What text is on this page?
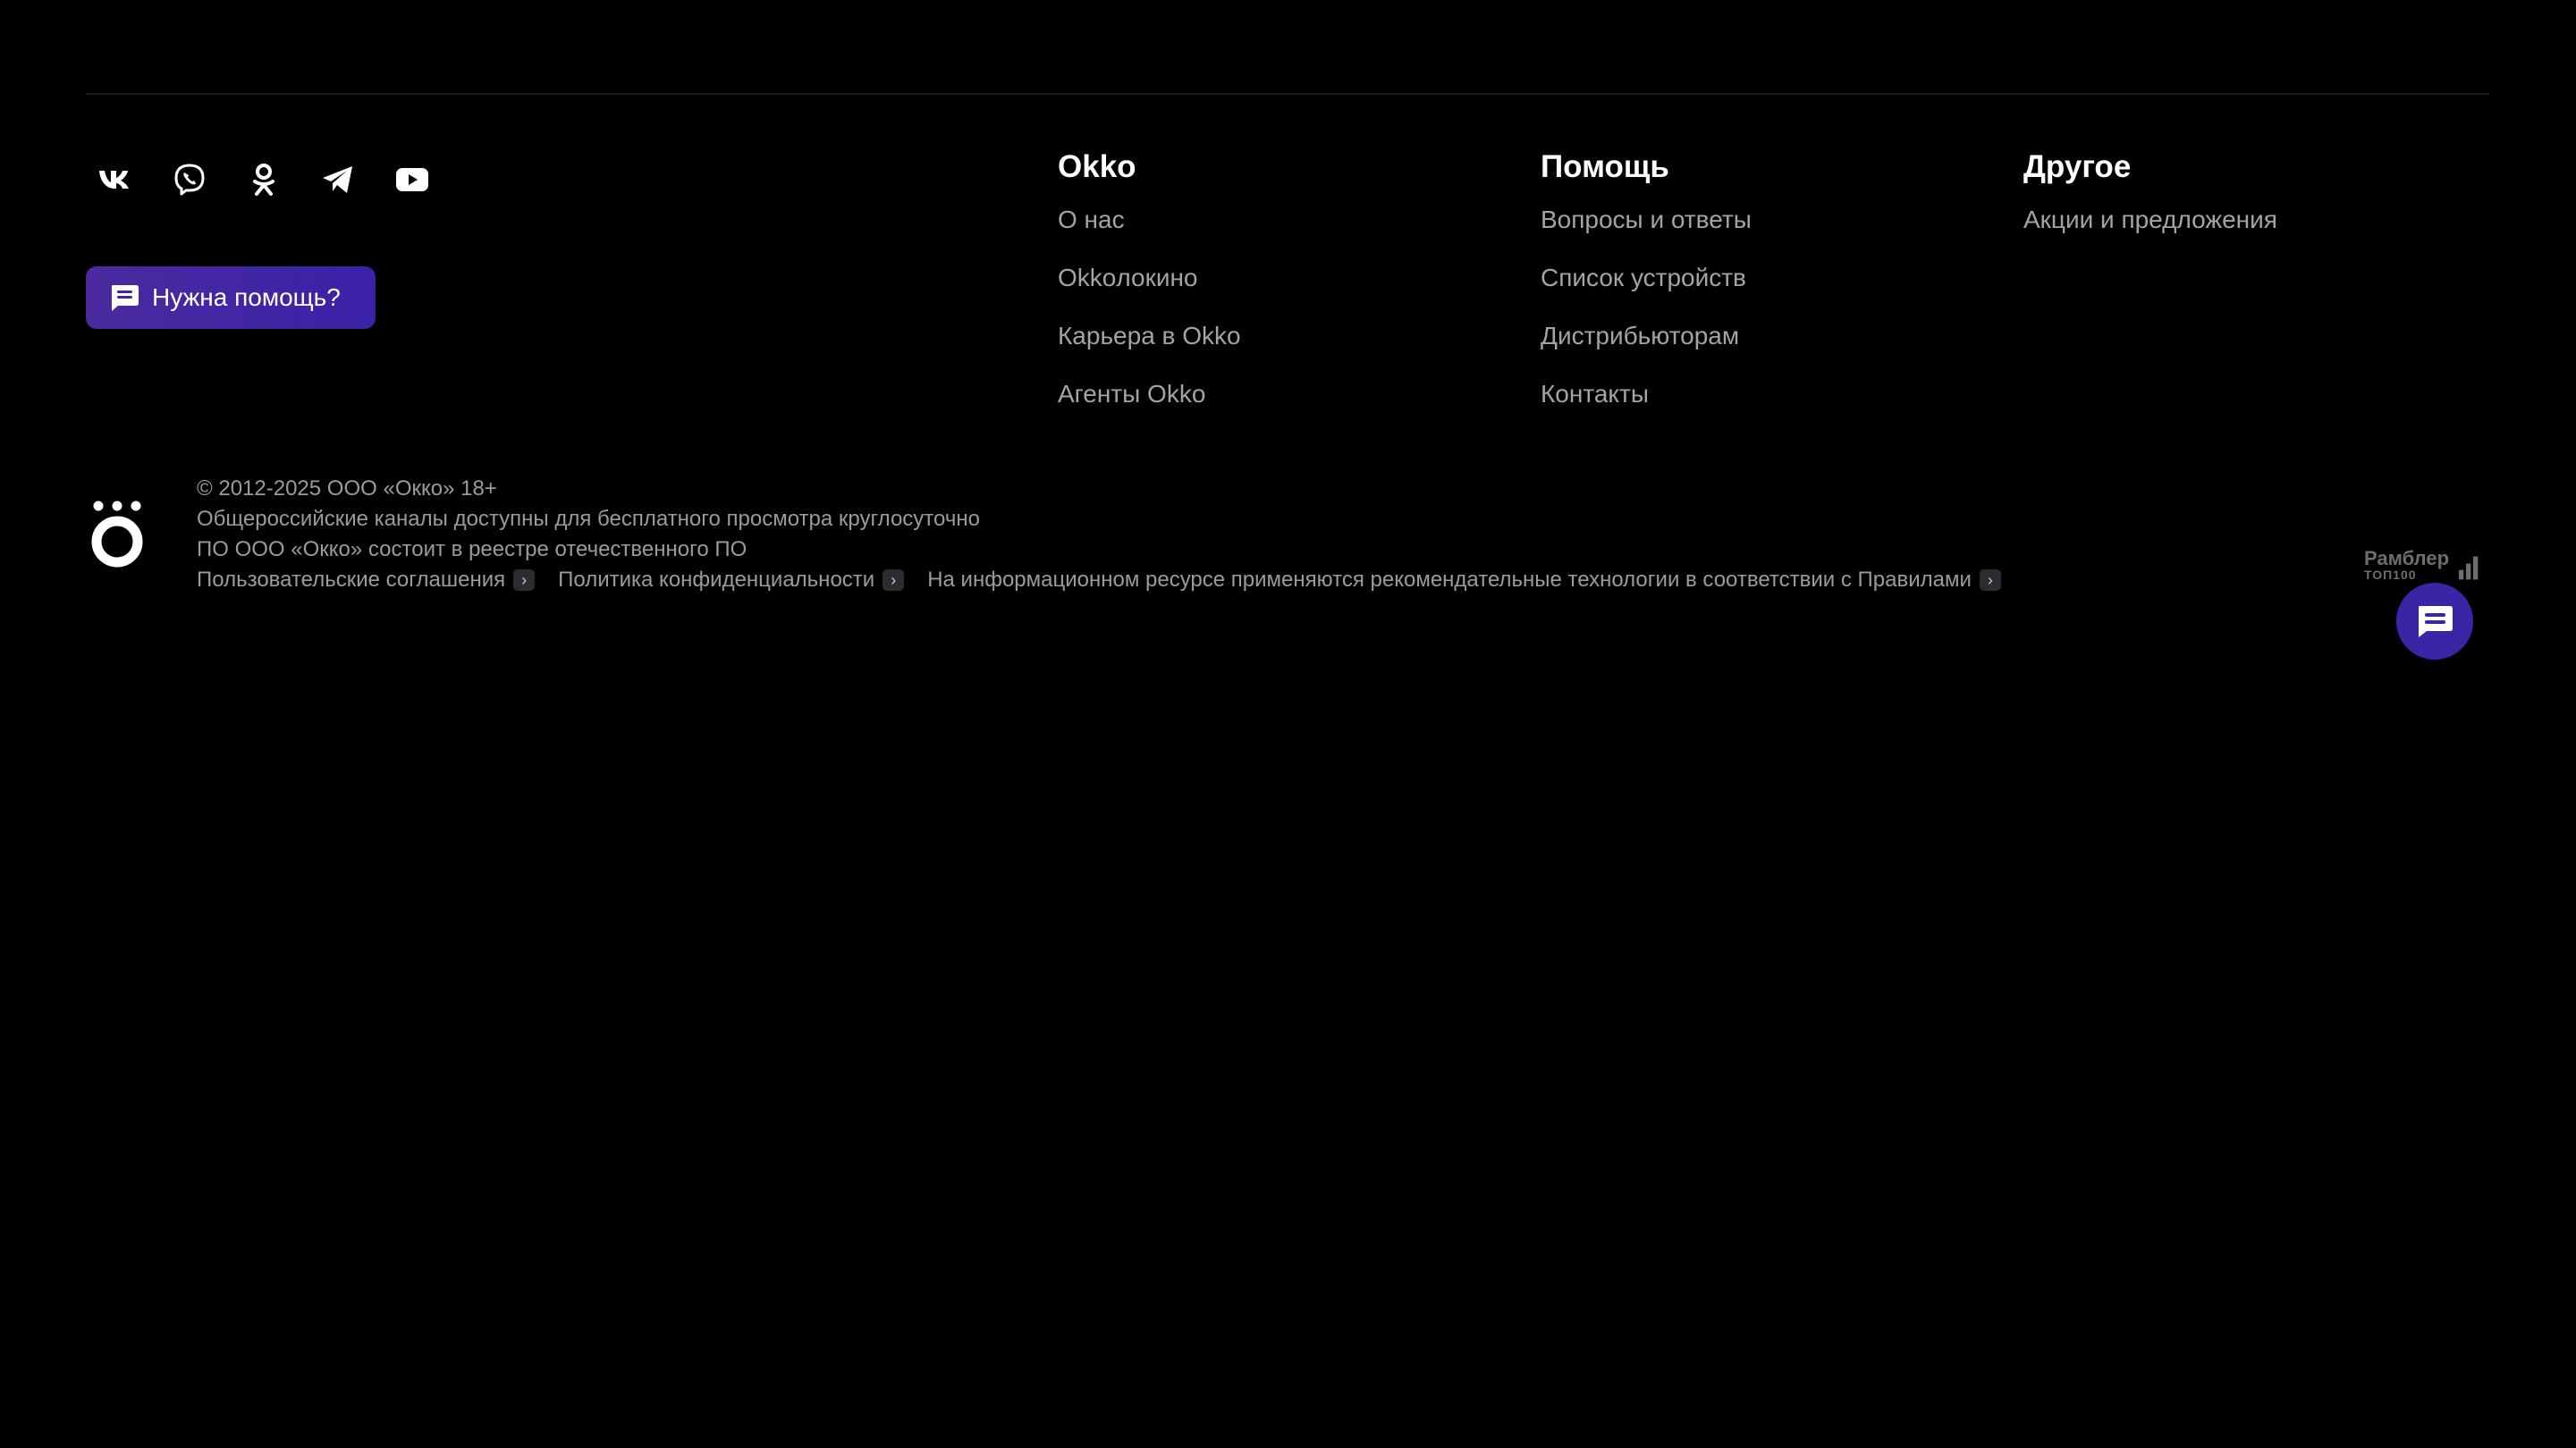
Нужна помощь?
Okko
О нас
Okkoлокино
Карьера в Okko
Агенты Okko
Помощь
Вопросы и ответы
Список устройств
Дистрибьюторам
Контакты
Другое
Акции и предложения
© 2012-2025 ООО «Окко» 18+
Общероссийские каналы доступны для бесплатного просмотра круглосуточно
ПО ООО «Окко» состоит в реестре отечественного ПО
Пользовательские соглашения	›	Политика конфиденциальности	›	На информационном ресурсе применяются рекомендательные технологии в соответствии с Правилами	›
Рамблер
ТОП100
